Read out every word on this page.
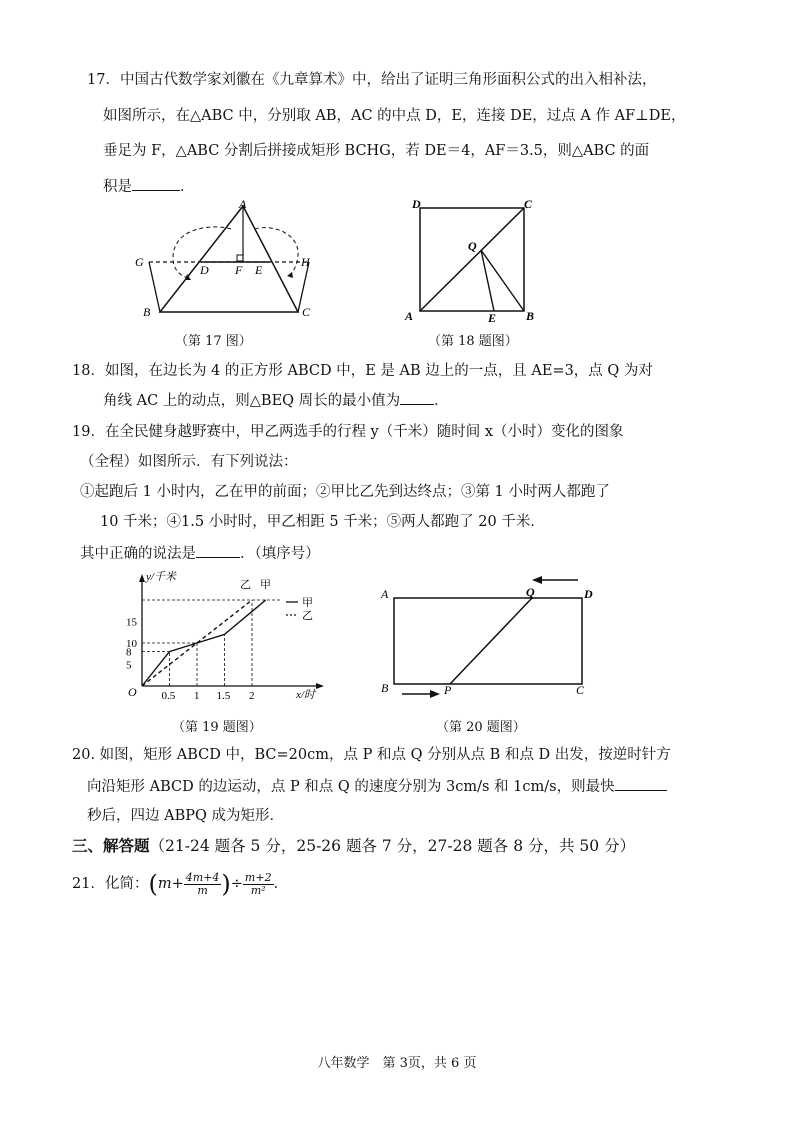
17．中国古代数学家刘徽在《九章算术》中，给出了证明三角形面积公式的出入相补法，
如图所示，在△ABC 中，分别取 AB，AC 的中点 D，E，连接 DE，过点 A 作 AF⊥DE，
垂足为 F，△ABC 分割后拼接成矩形 BCHG，若 DE＝4，AF＝3.5，则△ABC 的面
积是	．
A
G
D F E
H
B	C
（第 17 图）
D	C
Q
A	E B
（第 18 题图）
18．如图，在边长为 4 的正方形 ABCD 中，E 是 AB 边上的一点，且 AE=3，点 Q 为对
角线 AC 上的动点，则△BEQ 周长的最小值为 ．
19．在全民健身越野赛中，甲乙两选手的行程 y（千米）随时间 x（小时）变化的图象
（全程）如图所示．有下列说法：
①起跑后 1 小时内，乙在甲的前面；②甲比乙先到达终点；③第 1 小时两人都跑了
10 千米；④1.5 小时时，甲乙相距 5 千米；⑤两人都跑了 20 千米．
其中正确的说法是	．（填序号）
5
8
10
15
0.5 1 1.5 2
y/千米
x/时
O
乙 甲
甲
乙
（第 19 题图）
A	Q	D
B	P	C
（第 20 题图）
20. 如图，矩形 ABCD 中，BC=20cm，点 P 和点 Q 分别从点 B 和点 D 出发，按逆时针方
向沿矩形 ABCD 的边运动，点 P 和点 Q 的速度分别为 3cm/s 和 1cm/s，则最快
秒后，四边 ABPQ 成为矩形．
三、解答题（21-24 题各 5 分，25-26 题各 7 分，27-28 题各 8 分，共 50 分）
21．化简：($m+ \frac{4m+4}{m}$ )÷ $\frac{m+2}{\text{m²}}$ ．
八年数学　第 3页，共 6 页
